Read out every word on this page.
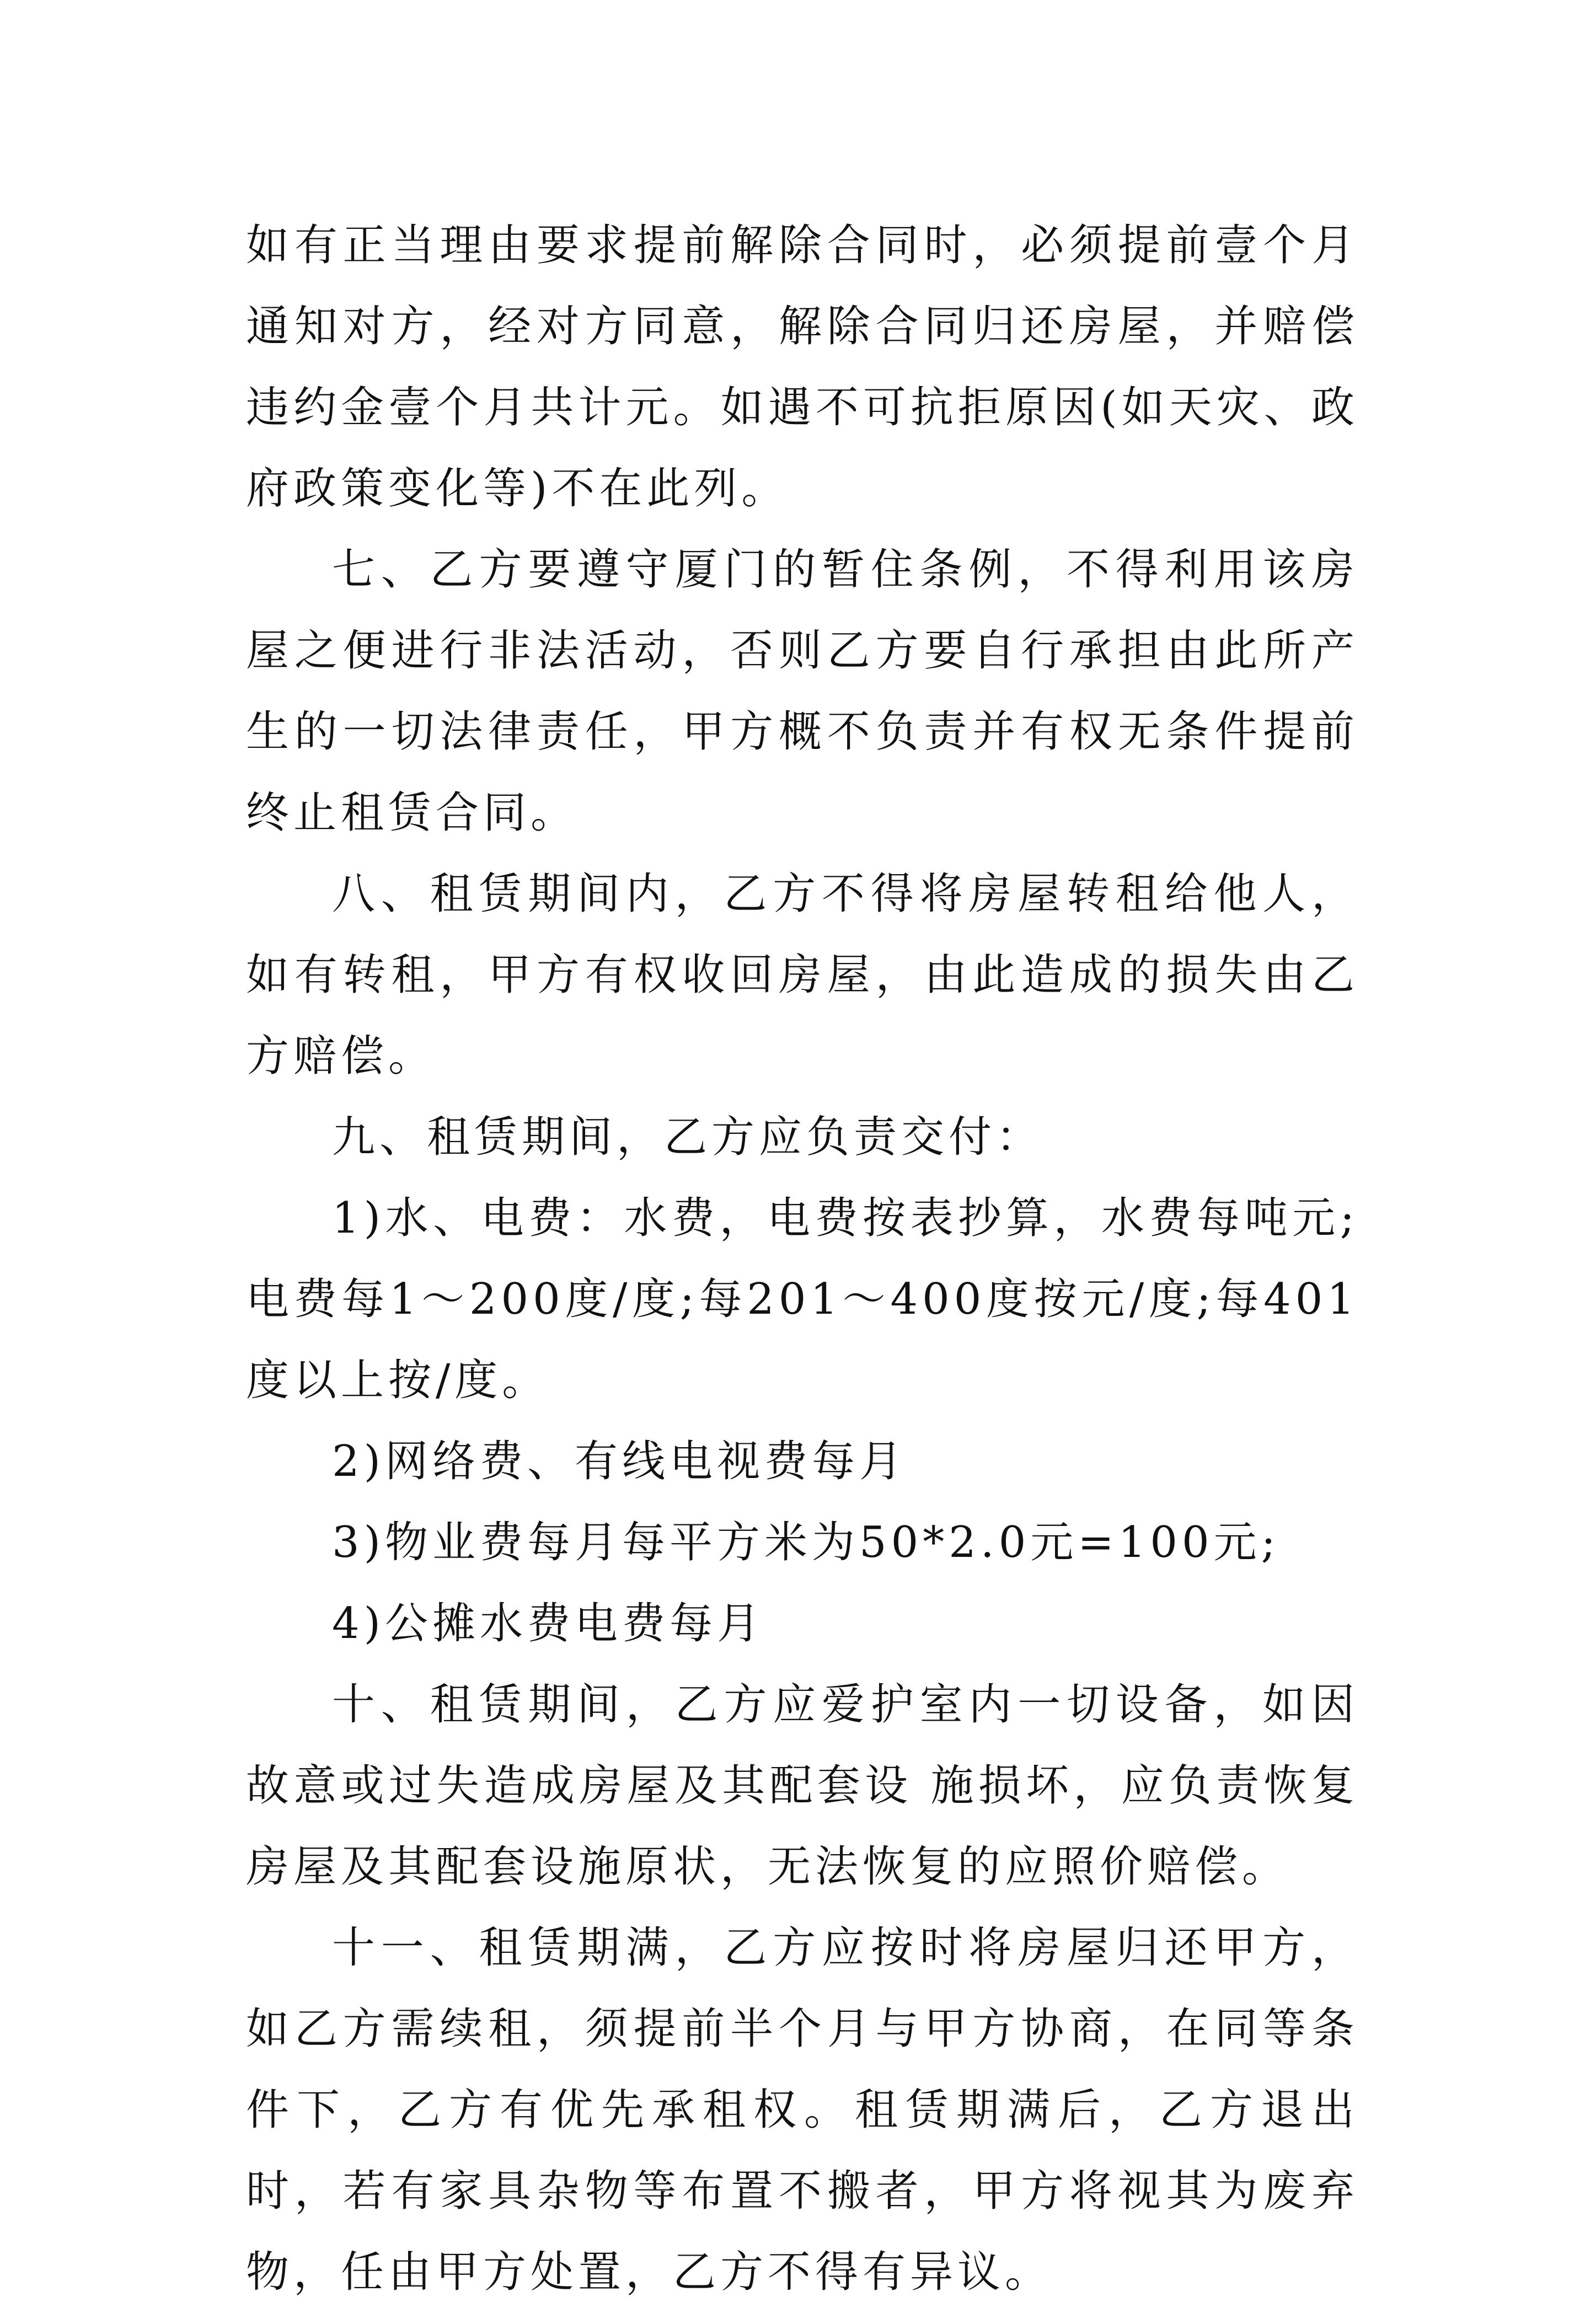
如有正当理由要求提前解除合同时，必须提前壹个月通知对方，经对方同意，解除合同归还房屋，并赔偿违约金壹个月共计元。如遇不可抗拒原因(如天灾、政府政策变化等)不在此列。

七、乙方要遵守厦门的暂住条例，不得利用该房屋之便进行非法活动，否则乙方要自行承担由此所产生的一切法律责任，甲方概不负责并有权无条件提前终止租赁合同。

八、租赁期间内，乙方不得将房屋转租给他人，如有转租，甲方有权收回房屋，由此造成的损失由乙方赔偿。

九、租赁期间，乙方应负责交付：

1)水、电费：水费，电费按表抄算，水费每吨元;电费每1～200度/度;每201～400度按元/度;每401度以上按/度。

2)网络费、有线电视费每月

3)物业费每月每平方米为50*2.0元=100元;

4)公摊水费电费每月

十、租赁期间，乙方应爱护室内一切设备，如因故意或过失造成房屋及其配套设 施损坏，应负责恢复房屋及其配套设施原状，无法恢复的应照价赔偿。

十一、租赁期满，乙方应按时将房屋归还甲方，如乙方需续租，须提前半个月与甲方协商，在同等条件下，乙方有优先承租权。租赁期满后，乙方退出时，若有家具杂物等布置不搬者，甲方将视其为废弃物，任由甲方处置，乙方不得有异议。
